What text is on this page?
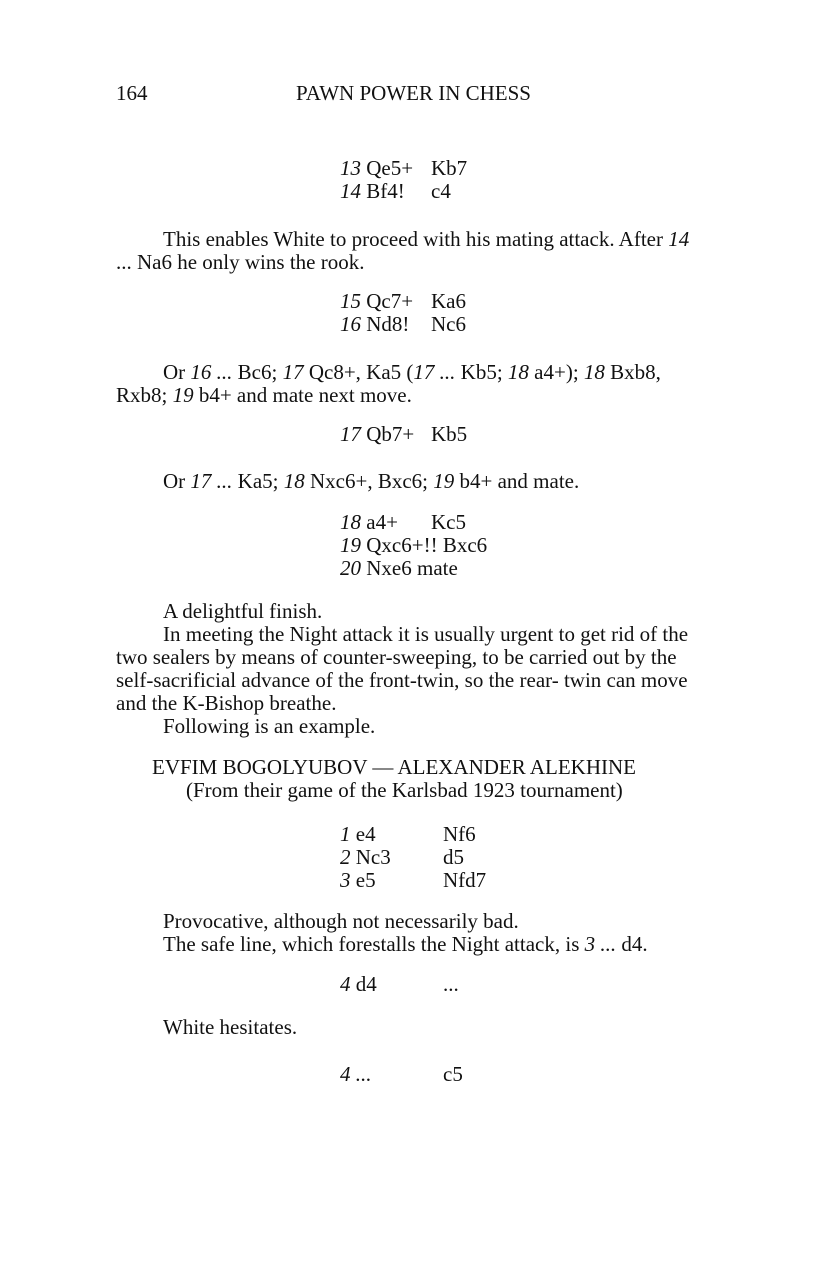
164	PAWN POWER IN CHESS
13 Qe5+ Kb7
14 Bf4! c4

This enables White to proceed with his mating attack. After 14

... Na6 he only wins the rook.

15 Qc7+ Ka6
16 Nd8! Nc6

Or 16 ... Bc6; 17 Qc8+, Ka5 (17 ... Kb5; 18 a4+); 18 Bxb8,

Rxb8; 19 b4+ and mate next move.

17 Qb7+ Kb5

Or 17 ... Ka5; 18 Nxc6+, Bxc6; 19 b4+ and mate.

18 a4+ Kc5
19 Qxc6+!! Bxc6
20 Nxe6 mate

A delightful finish.

In meeting the Night attack it is usually urgent to get rid of the

two sealers by means of counter-sweeping, to be carried out by the

self-sacrificial advance of the front-twin, so the rear- twin can move

and the K-Bishop breathe.

Following is an example.

EVFIM BOGOLYUBOV — ALEXANDER ALEKHINE
(From their game of the Karlsbad 1923 tournament)
1 e4	Nf6
2 Nc3 d5
3 e5	Nfd7

Provocative, although not necessarily bad.

The safe line, which forestalls the Night attack, is 3 ... d4.

4 d4	...

White hesitates.

4 ...	c5
